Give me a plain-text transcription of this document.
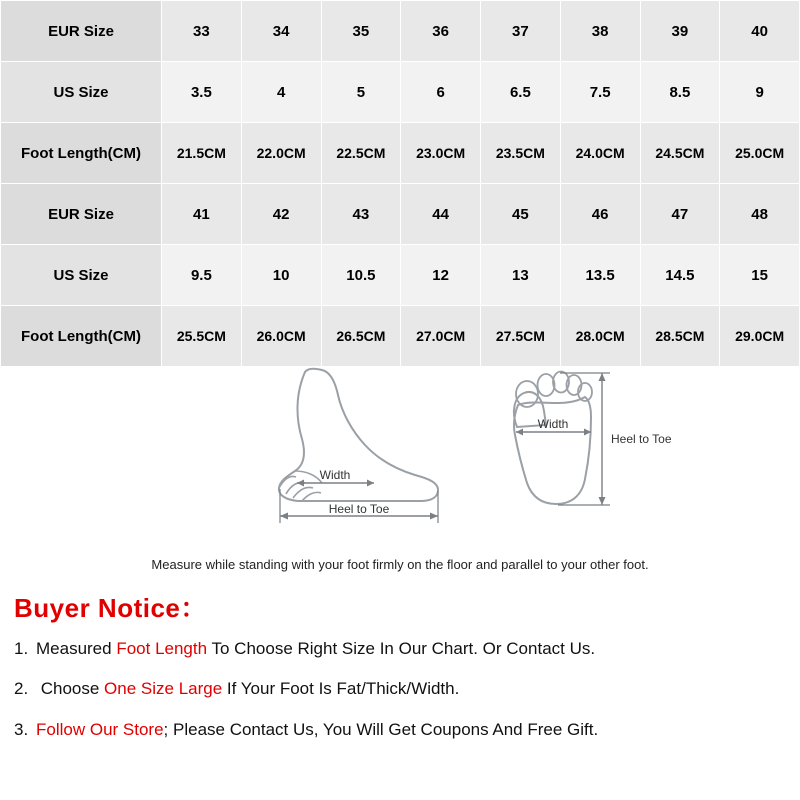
EUR Size	33	34	35	36	37	38	39	40
US Size	3.5	4	5	6	6.5	7.5	8.5	9
Foot Length(CM)	21.5CM	22.0CM	22.5CM	23.0CM	23.5CM	24.0CM	24.5CM	25.0CM
EUR Size	41	42	43	44	45	46	47	48
US Size	9.5	10	10.5	12	13	13.5	14.5	15
Foot Length(CM)	25.5CM	26.0CM	26.5CM	27.0CM	27.5CM	28.0CM	28.5CM	29.0CM
Width
Heel to Toe
Width
Heel to Toe
Measure while standing with your foot firmly on the floor and parallel to your other foot.
Buyer Notice：
1. Measured Foot Length To Choose Right Size In Our Chart. Or Contact Us.
2. Choose One Size Large If Your Foot Is Fat/Thick/Width.
3. Follow Our Store; Please Contact Us, You Will Get Coupons And Free Gift.
